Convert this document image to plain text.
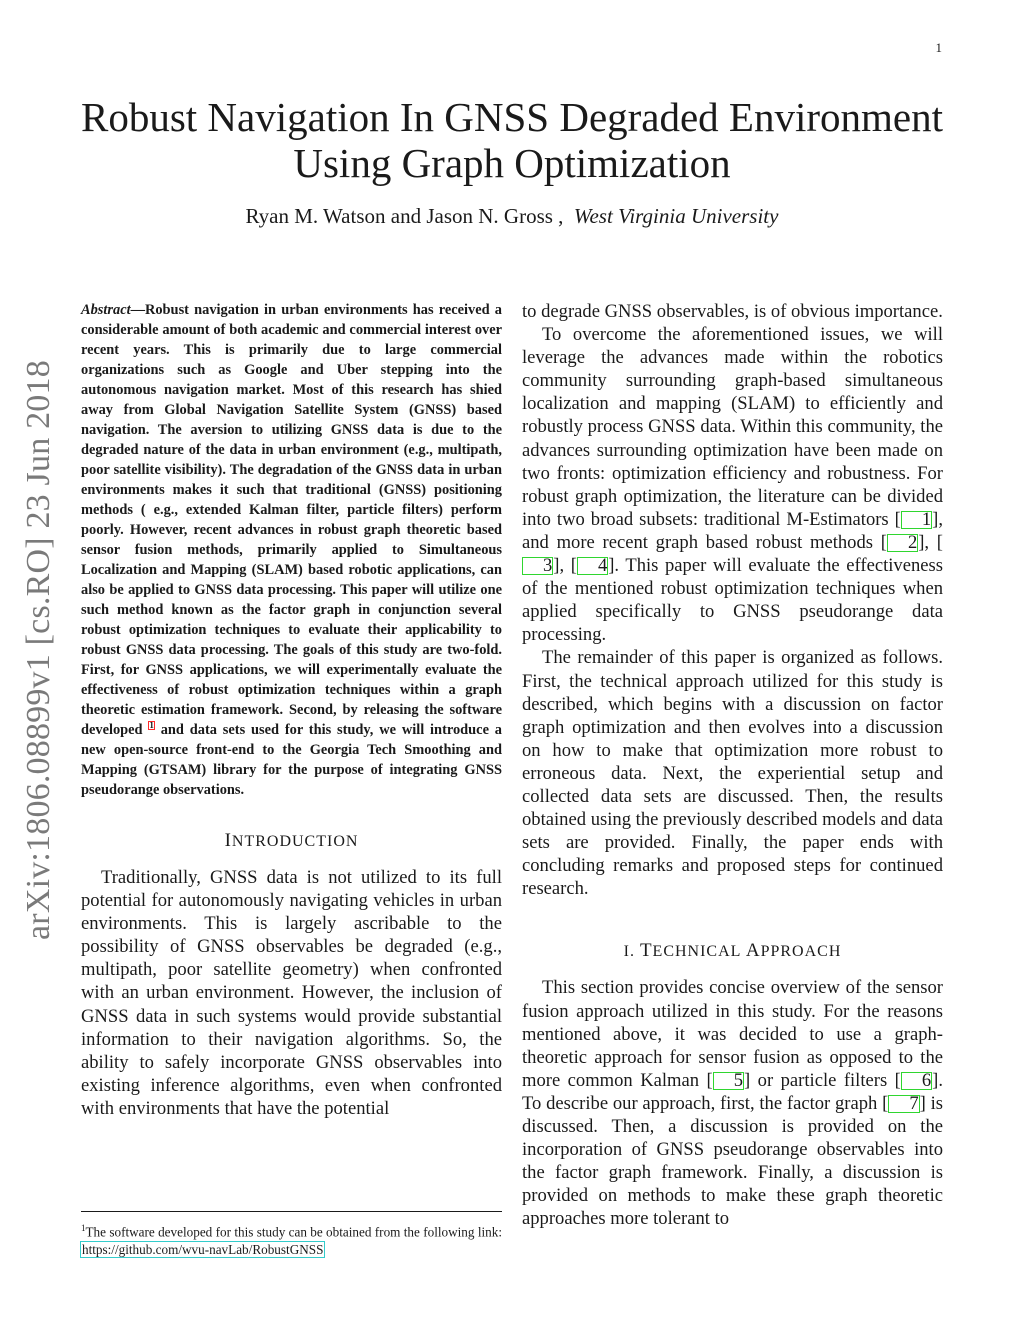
1
arXiv:1806.08899v1 [cs.RO] 23 Jun 2018
Robust Navigation In GNSS Degraded Environment Using Graph Optimization
Ryan M. Watson and Jason N. Gross , West Virginia University

Abstract—Robust navigation in urban environments has received a considerable amount of both academic and commercial interest over recent years. This is primarily due to large commercial organizations such as Google and Uber stepping into the autonomous navigation market. Most of this research has shied away from Global Navigation Satellite System (GNSS) based navigation. The aversion to utilizing GNSS data is due to the degraded nature of the data in urban environment (e.g., multipath, poor satellite visibility). The degradation of the GNSS data in urban environments makes it such that traditional (GNSS) positioning methods ( e.g., extended Kalman filter, particle filters) perform poorly. However, recent advances in robust graph theoretic based sensor fusion methods, primarily applied to Simultaneous Localization and Mapping (SLAM) based robotic applications, can also be applied to GNSS data processing. This paper will utilize one such method known as the factor graph in conjunction several robust optimization techniques to evaluate their applicability to robust GNSS data processing. The goals of this study are two-fold. First, for GNSS applications, we will experimentally evaluate the effectiveness of robust optimization techniques within a graph theoretic estimation framework. Second, by releasing the software developed 1 and data sets used for this study, we will introduce a new open-source front-end to the Georgia Tech Smoothing and Mapping (GTSAM) library for the purpose of integrating GNSS pseudorange observations.

INTRODUCTION

Traditionally, GNSS data is not utilized to its full potential for autonomously navigating vehicles in urban environments. This is largely ascribable to the possibility of GNSS observables be degraded (e.g., multipath, poor satellite geometry) when confronted with an urban environment. However, the inclusion of GNSS data in such systems would provide substantial information to their navigation algorithms. So, the ability to safely incorporate GNSS observables into existing inference algorithms, even when confronted with environments that have the potential

to degrade GNSS observables, is of obvious importance.

To overcome the aforementioned issues, we will leverage the advances made within the robotics community surrounding graph-based simultaneous localization and mapping (SLAM) to efficiently and robustly process GNSS data. Within this community, the advances surrounding optimization have been made on two fronts: optimization efficiency and robustness. For robust graph optimization, the literature can be divided into two broad subsets: traditional M-Estimators [ 1], and more recent graph based robust methods [ 2], [3], [ 4]. This paper will evaluate the effectiveness of the mentioned robust optimization techniques when applied specifically to GNSS pseudorange data processing.

The remainder of this paper is organized as follows. First, the technical approach utilized for this study is described, which begins with a discussion on factor graph optimization and then evolves into a discussion on how to make that optimization more robust to erroneous data. Next, the experiential setup and collected data sets are discussed. Then, the results obtained using the previously described models and data sets are provided. Finally, the paper ends with concluding remarks and proposed steps for continued research.

I. TECHNICAL APPROACH

This section provides concise overview of the sensor fusion approach utilized in this study. For the reasons mentioned above, it was decided to use a graph-theoretic approach for sensor fusion as opposed to the more common Kalman [ 5] or particle filters [ 6]. To describe our approach, first, the factor graph [ 7] is discussed. Then, a discussion is provided on the incorporation of GNSS pseudorange observables into the factor graph framework. Finally, a discussion is provided on methods to make these graph theoretic approaches more tolerant to

$^1$The software developed for this study can be obtained from the following link: https://github.com/wvu-navLab/RobustGNSS
